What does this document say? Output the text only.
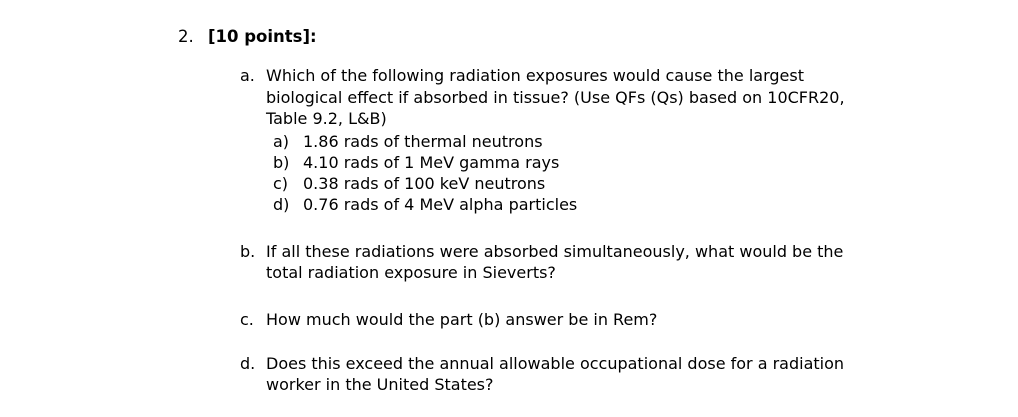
2. [10 points]:
a. Which of the following radiation exposures would cause the largest biological effect if absorbed in tissue? (Use QFs (Qs) based on 10CFR20, Table 9.2, L&B)
a) 1.86 rads of thermal neutrons
b) 4.10 rads of 1 MeV gamma rays
c) 0.38 rads of 100 keV neutrons
d) 0.76 rads of 4 MeV alpha particles
b. If all these radiations were absorbed simultaneously, what would be the total radiation exposure in Sieverts?
c. How much would the part (b) answer be in Rem?
d. Does this exceed the annual allowable occupational dose for a radiation worker in the United States?
